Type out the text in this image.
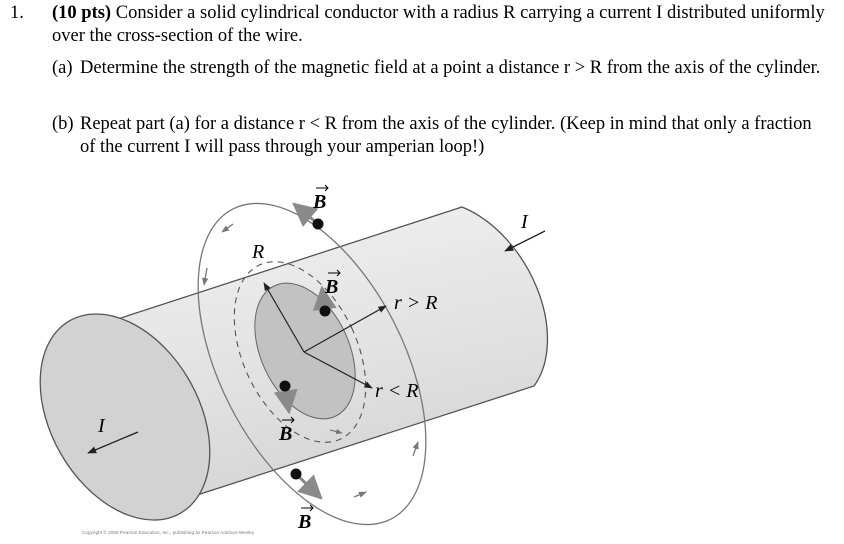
1. (10 pts) Consider a solid cylindrical conductor with a radius R carrying a current I distributed uniformly over the cross-section of the wire.
(a) Determine the strength of the magnetic field at a point a distance r > R from the axis of the cylinder.
(b) Repeat part (a) for a distance r < R from the axis of the cylinder. (Keep in mind that only a fraction of the current I will pass through your amperian loop!)
B
B
B
B
R
r > R
r < R
I
I
Copyright © 2008 Pearson Education, Inc., publishing as Pearson Addison-Wesley
